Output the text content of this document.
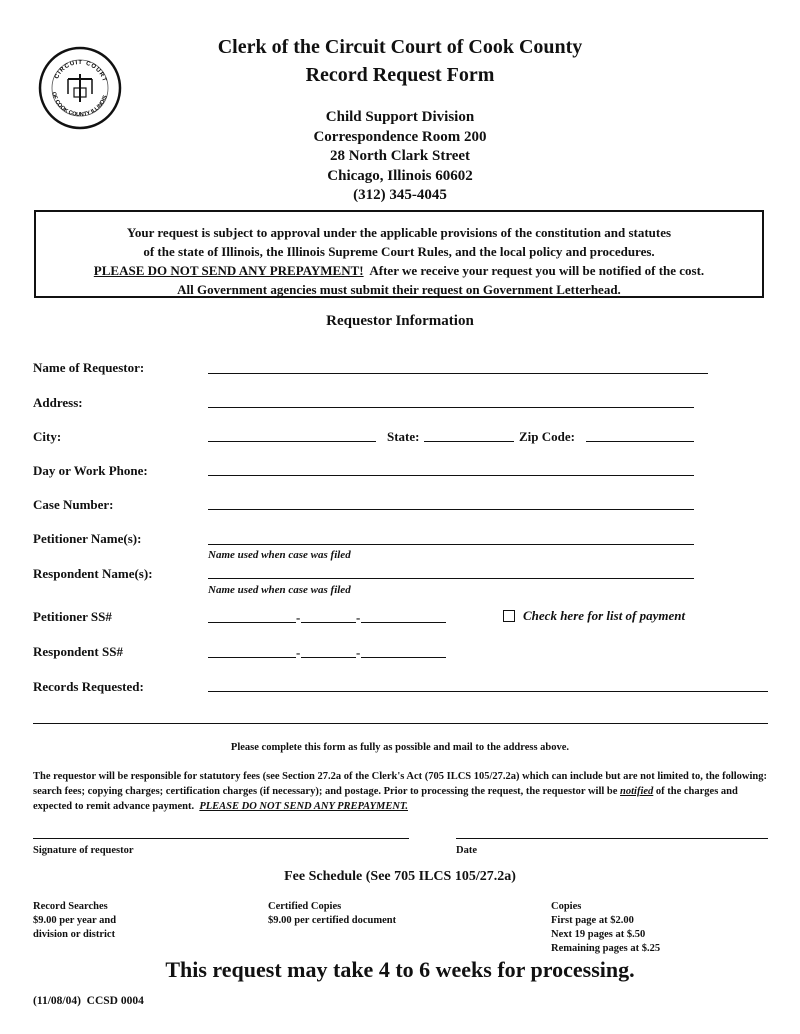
CIRCUIT COURT
OF COOK COUNTY ILLINOIS
Clerk of the Circuit Court of Cook County
Record Request Form
Child Support Division
Correspondence Room 200
28 North Clark Street
Chicago, Illinois 60602
(312) 345-4045
Your request is subject to approval under the applicable provisions of the constitution and statutes
of the state of Illinois, the Illinois Supreme Court Rules, and the local policy and procedures.
PLEASE DO NOT SEND ANY PREPAYMENT!  After we receive your request you will be notified of the cost.
All Government agencies must submit their request on Government Letterhead.
Requestor Information
Name of Requestor:
Address:
City:	State:	Zip Code:
Day or Work Phone:
Case Number:
Petitioner Name(s):
Name used when case was filed
Respondent Name(s):
Name used when case was filed
Petitioner SS#	-	-	Check here for list of payment
Respondent SS#	-	-
Records Requested:
Please complete this form as fully as possible and mail to the address above.
The requestor will be responsible for statutory fees (see Section 27.2a of the Clerk's Act (705 ILCS 105/27.2a) which can include but are not limited to, the following: search fees; copying charges; certification charges (if necessary); and postage. Prior to processing the request, the requestor will be notified of the charges and expected to remit advance payment.  PLEASE DO NOT SEND ANY PREPAYMENT.
Signature of requestor	Date
Fee Schedule (See 705 ILCS 105/27.2a)
Record Searches
$9.00 per year and
division or district
Certified Copies
$9.00 per certified document
Copies
First page at $2.00
Next 19 pages at $.50
Remaining pages at $.25
This request may take 4 to 6 weeks for processing.
(11/08/04)  CCSD 0004
